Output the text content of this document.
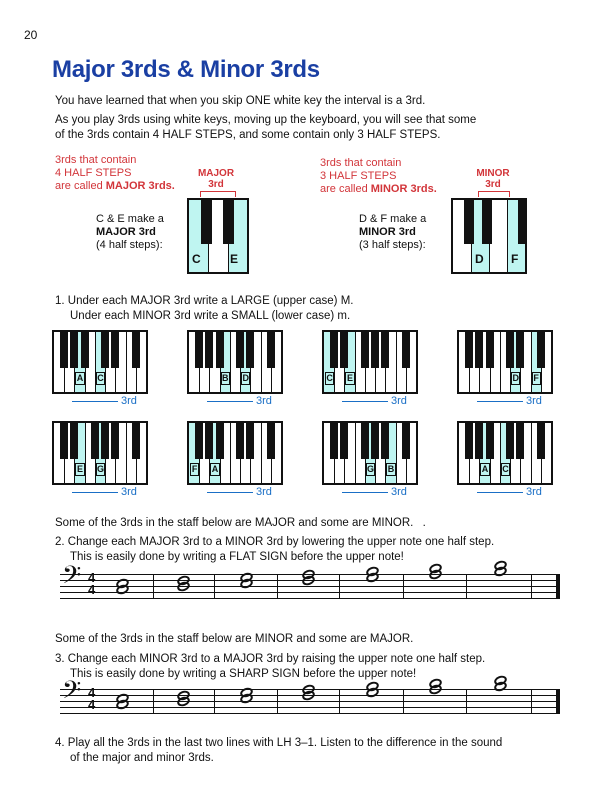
20
Major 3rds & Minor 3rds
You have learned that when you skip ONE white key the interval is a 3rd.
As you play 3rds using white keys, moving up the keyboard, you will see that some
of the 3rds contain 4 HALF STEPS, and some contain only 3 HALF STEPS.
3rds that contain
4 HALF STEPS
are called MAJOR 3rds.
MAJOR
3rd
C & E make a
MAJOR 3rd
(4 half steps):
C E
3rds that contain
3 HALF STEPS
are called MINOR 3rds.
MINOR
3rd
D & F make a
MINOR 3rd
(3 half steps):
D F
1. Under each MAJOR 3rd write a LARGE (upper case) M.
Under each MINOR 3rd write a SMALL (lower case) m.
A C
3rd
B D
3rd
C E
3rd
D F
3rd
E G
3rd
F A
3rd
G B
3rd
A C
3rd
Some of the 3rds in the staff below are MAJOR and some are MINOR. .
2. Change each MAJOR 3rd to a MINOR 3rd by lowering the upper note one half step.
This is easily done by writing a FLAT SIGN before the upper note!
𝄢 4
4
Some of the 3rds in the staff below are MINOR and some are MAJOR.
3. Change each MINOR 3rd to a MAJOR 3rd by raising the upper note one half step.
This is easily done by writing a SHARP SIGN before the upper note!
𝄢 4
4
4. Play all the 3rds in the last two lines with LH 3–1. Listen to the difference in the sound
of the major and minor 3rds.
